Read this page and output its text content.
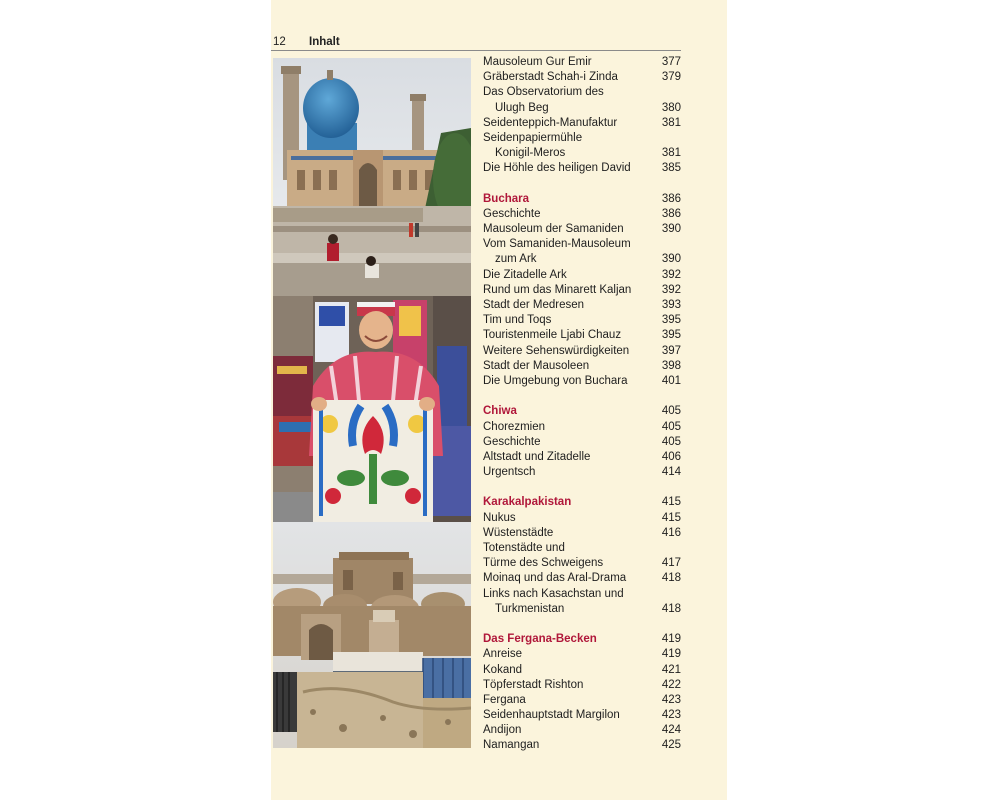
12 Inhalt
Mausoleum Gur Emir	377
Gräberstadt Schah-i Zinda	379
Das Observatorium des
Ulugh Beg	380
Seidenteppich-Manufaktur	381
Seidenpapiermühle
Konigil-Meros	381
Die Höhle des heiligen David	385
Buchara	386
Geschichte	386
Mausoleum der Samaniden	390
Vom Samaniden-Mausoleum
zum Ark	390
Die Zitadelle Ark	392
Rund um das Minarett Kaljan	392
Stadt der Medresen	393
Tim und Toqs	395
Touristenmeile Ljabi Chauz	395
Weitere Sehenswürdigkeiten	397
Stadt der Mausoleen	398
Die Umgebung von Buchara	401
Chiwa	405
Chorezmien	405
Geschichte	405
Altstadt und Zitadelle	406
Urgentsch	414
Karakalpakistan	415
Nukus	415
Wüstenstädte	416
Totenstädte und
Türme des Schweigens	417
Moinaq und das Aral-Drama	418
Links nach Kasachstan und
Turkmenistan	418
Das Fergana-Becken	419
Anreise	419
Kokand	421
Töpferstadt Rishton	422
Fergana	423
Seidenhauptstadt Margilon	423
Andijon	424
Namangan	425
